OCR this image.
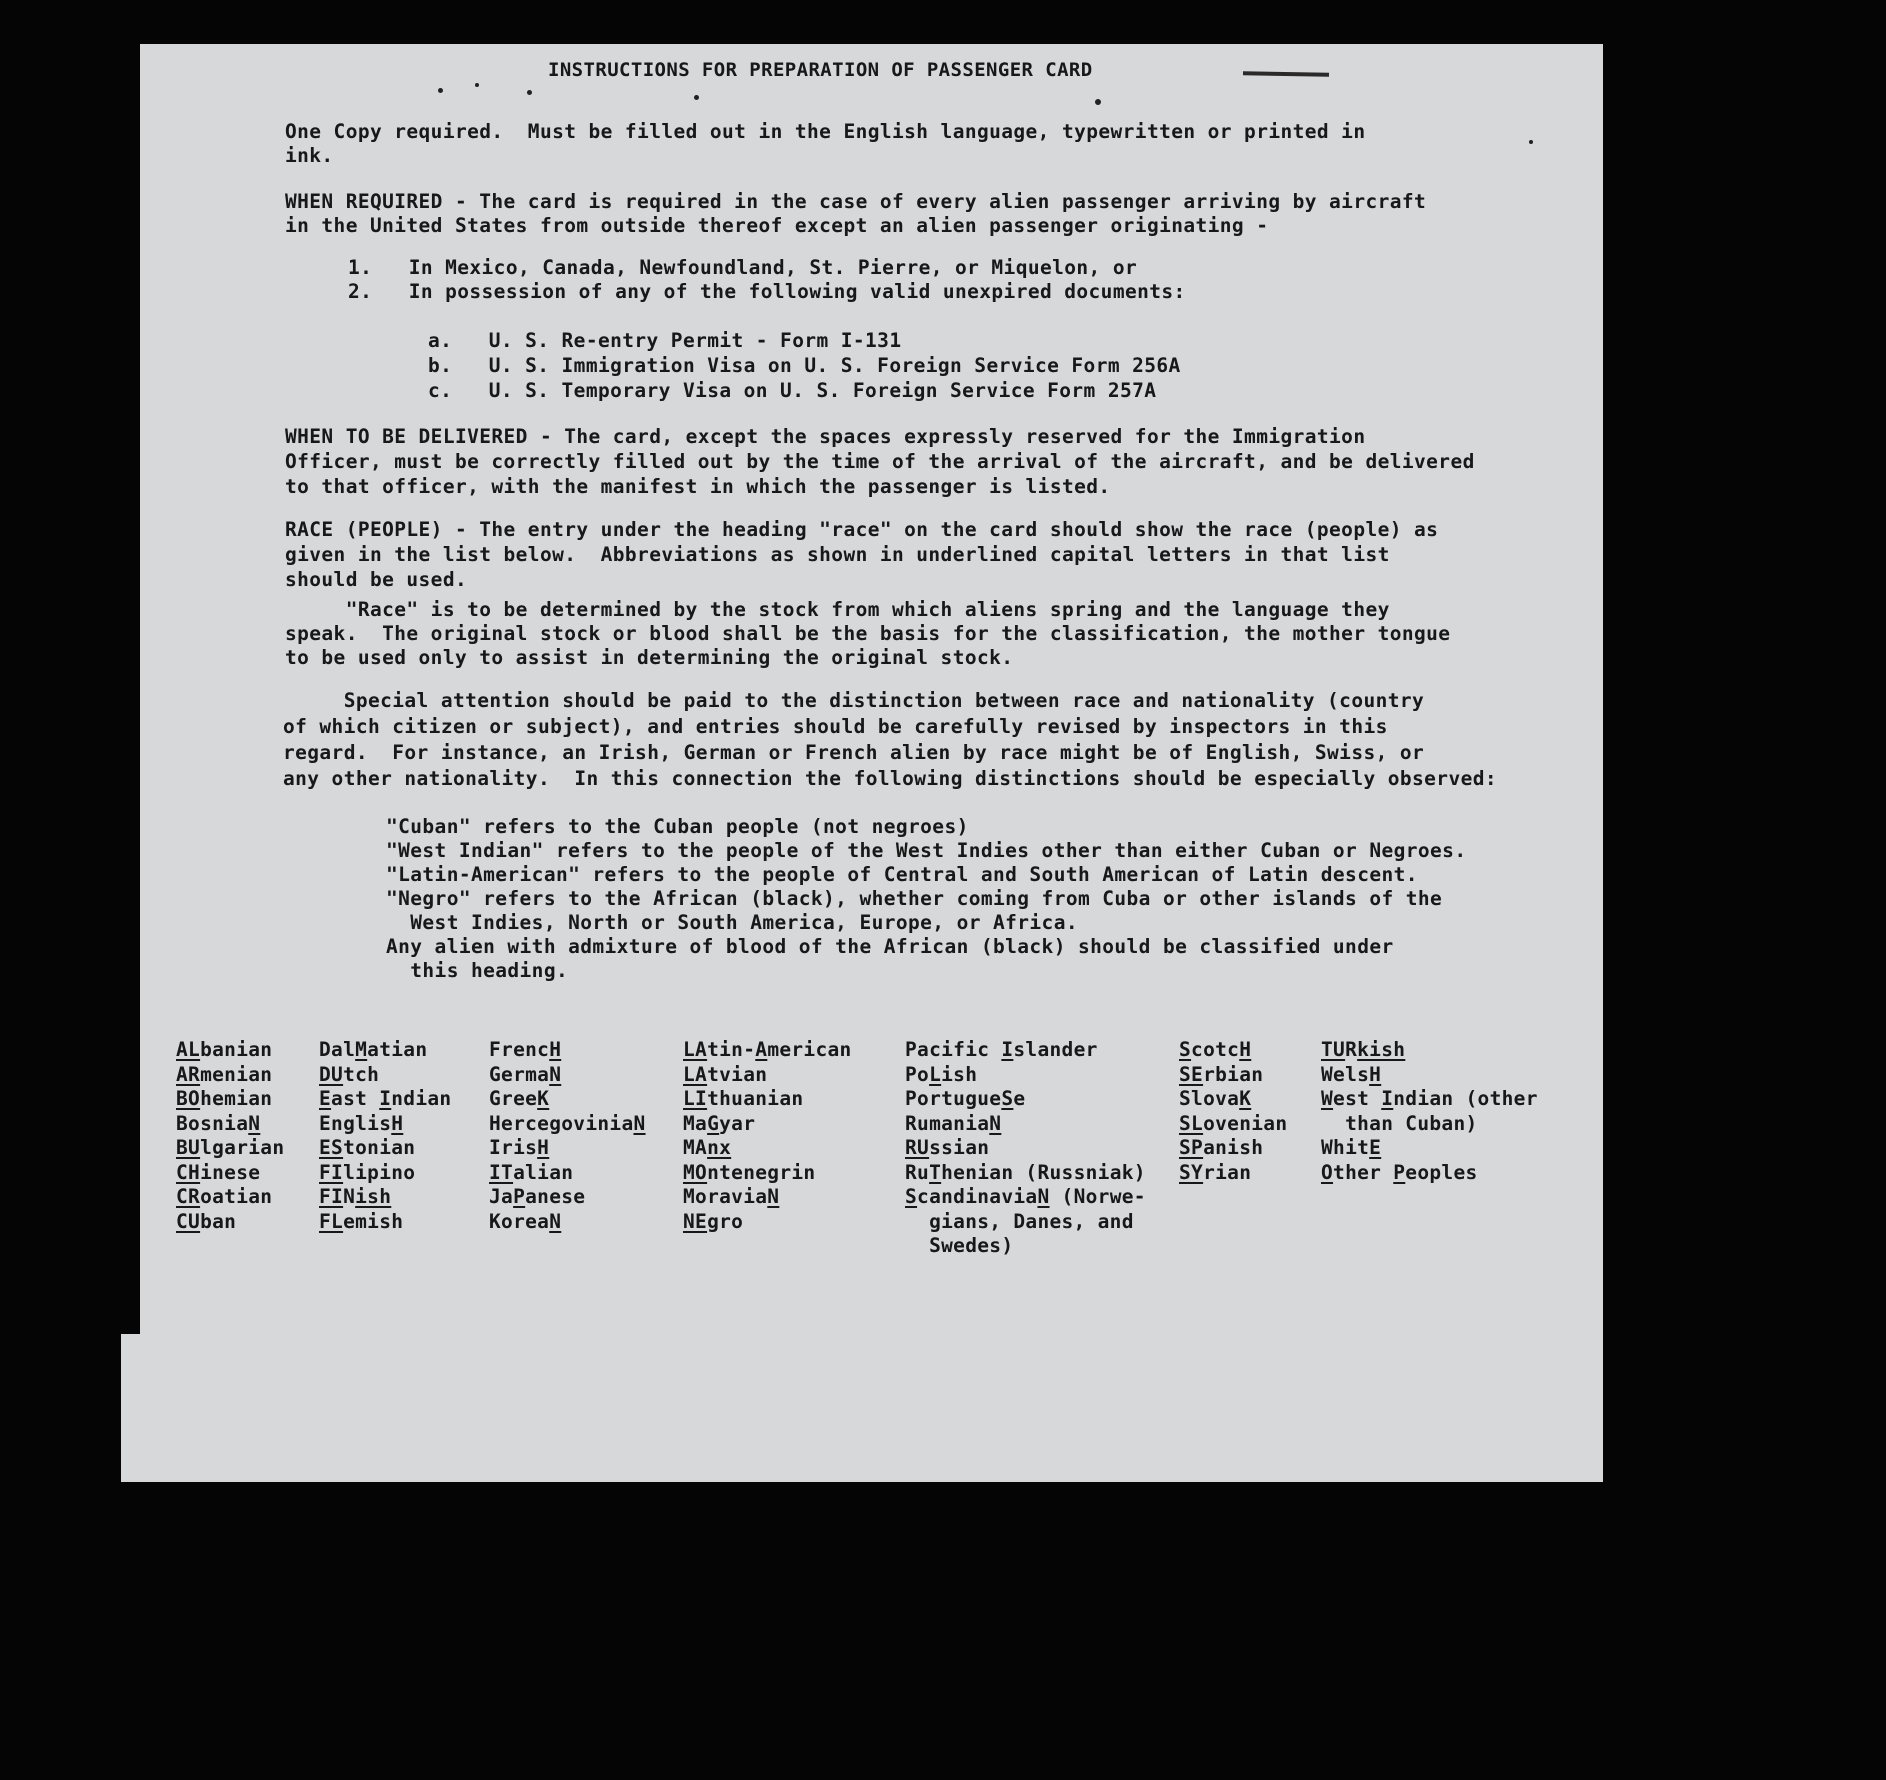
INSTRUCTIONS FOR PREPARATION OF PASSENGER CARD
One Copy required.  Must be filled out in the English language, typewritten or printed in
ink.
WHEN REQUIRED - The card is required in the case of every alien passenger arriving by aircraft
in the United States from outside thereof except an alien passenger originating -
1.   In Mexico, Canada, Newfoundland, St. Pierre, or Miquelon, or
2.   In possession of any of the following valid unexpired documents:
a.   U. S. Re-entry Permit - Form I-131
b.   U. S. Immigration Visa on U. S. Foreign Service Form 256A
c.   U. S. Temporary Visa on U. S. Foreign Service Form 257A
WHEN TO BE DELIVERED - The card, except the spaces expressly reserved for the Immigration
Officer, must be correctly filled out by the time of the arrival of the aircraft, and be delivered
to that officer, with the manifest in which the passenger is listed.
RACE (PEOPLE) - The entry under the heading "race" on the card should show the race (people) as
given in the list below.  Abbreviations as shown in underlined capital letters in that list
should be used.
"Race" is to be determined by the stock from which aliens spring and the language they
speak.  The original stock or blood shall be the basis for the classification, the mother tongue
to be used only to assist in determining the original stock.
Special attention should be paid to the distinction between race and nationality (country
of which citizen or subject), and entries should be carefully revised by inspectors in this
regard.  For instance, an Irish, German or French alien by race might be of English, Swiss, or
any other nationality.  In this connection the following distinctions should be especially observed:
"Cuban" refers to the Cuban people (not negroes)
"West Indian" refers to the people of the West Indies other than either Cuban or Negroes.
"Latin-American" refers to the people of Central and South American of Latin descent.
"Negro" refers to the African (black), whether coming from Cuba or other islands of the
West Indies, North or South America, Europe, or Africa.
Any alien with admixture of blood of the African (black) should be classified under
this heading.
ALbanian
ARmenian
BOhemian
BosniaN
BUlgarian
CHinese
CRoatian
CUban
DalMatian
DUtch
East Indian
EnglisH
EStonian
FIlipino
FINish
FLemish
FrencH
GermaN
GreeK
HercegoviniaN
IrisH
ITalian
JaPanese
KoreaN
LAtin-American
LAtvian
LIthuanian
MaGyar
MAnx
MOntenegrin
MoraviaN
NEgro
Pacific Islander
PoLish
PortugueSe
RumaniaN
RUssian
RuThenian (Russniak)
ScandinaviaN (Norwe-
gians, Danes, and
Swedes)
ScotcH
SErbian
SlovaK
SLovenian
SPanish
SYrian
TURkish
WelsH
West Indian (other
than Cuban)
WhitE
Other Peoples
